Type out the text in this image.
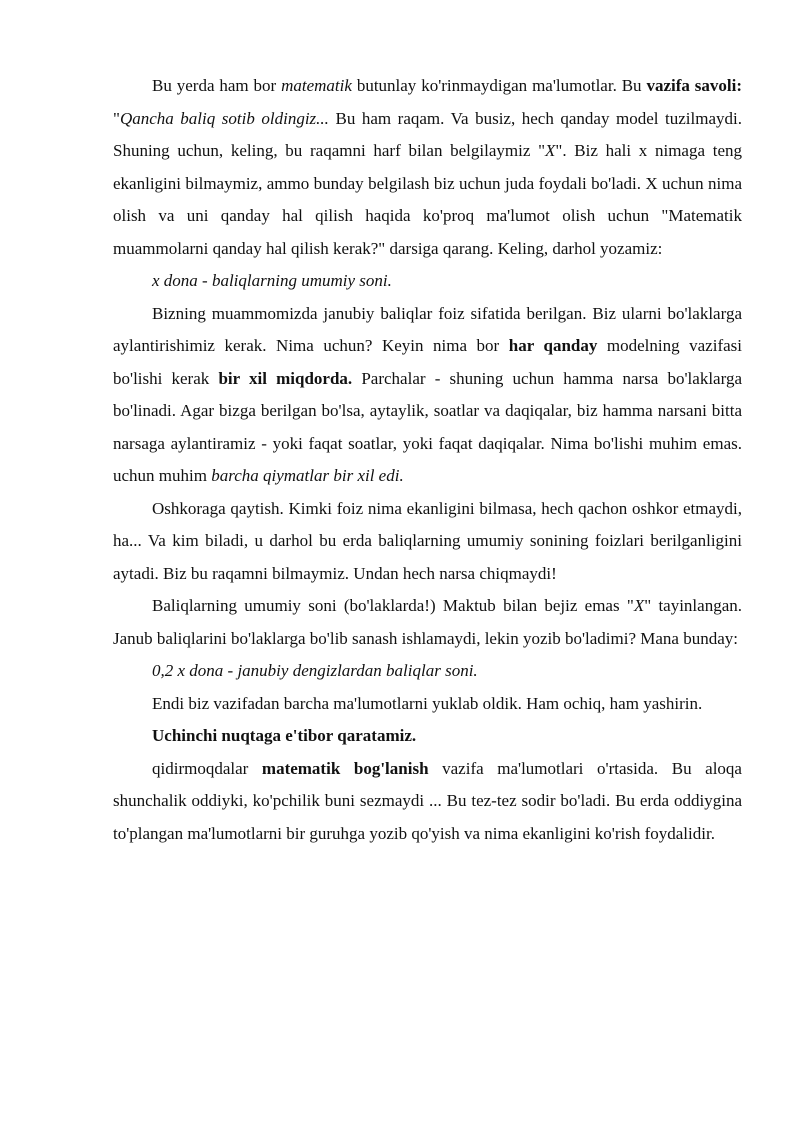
Bu yerda ham bor matematik butunlay ko'rinmaydigan ma'lumotlar. Bu vazifa savoli: "Qancha baliq sotib oldingiz... Bu ham raqam. Va busiz, hech qanday model tuzilmaydi. Shuning uchun, keling, bu raqamni harf bilan belgilaymiz "X". Biz hali x nimaga teng ekanligini bilmaymiz, ammo bunday belgilash biz uchun juda foydali bo'ladi. X uchun nima olish va uni qanday hal qilish haqida ko'proq ma'lumot olish uchun "Matematik muammolarni qanday hal qilish kerak?" darsiga qarang. Keling, darhol yozamiz:

x dona - baliqlarning umumiy soni.

Bizning muammomizda janubiy baliqlar foiz sifatida berilgan. Biz ularni bo'laklarga aylantirishimiz kerak. Nima uchun? Keyin nima bor har qanday modelning vazifasi bo'lishi kerak bir xil miqdorda. Parchalar - shuning uchun hamma narsa bo'laklarga bo'linadi. Agar bizga berilgan bo'lsa, aytaylik, soatlar va daqiqalar, biz hamma narsani bitta narsaga aylantiramiz - yoki faqat soatlar, yoki faqat daqiqalar. Nima bo'lishi muhim emas. uchun muhim barcha qiymatlar bir xil edi.

Oshkoraga qaytish. Kimki foiz nima ekanligini bilmasa, hech qachon oshkor etmaydi, ha... Va kim biladi, u darhol bu erda baliqlarning umumiy sonining foizlari berilganligini aytadi. Biz bu raqamni bilmaymiz. Undan hech narsa chiqmaydi!

Baliqlarning umumiy soni (bo'laklarda!) Maktub bilan bejiz emas "X" tayinlangan. Janub baliqlarini bo'laklarga bo'lib sanash ishlamaydi, lekin yozib bo'ladimi? Mana bunday:

0,2 x dona - janubiy dengizlardan baliqlar soni.

Endi biz vazifadan barcha ma'lumotlarni yuklab oldik. Ham ochiq, ham yashirin.

Uchinchi nuqtaga e'tibor qaratamiz.

qidirmoqdalar matematik bog'lanish vazifa ma'lumotlari o'rtasida. Bu aloqa shunchalik oddiyki, ko'pchilik buni sezmaydi ... Bu tez-tez sodir bo'ladi. Bu erda oddiygina to'plangan ma'lumotlarni bir guruhga yozib qo'yish va nima ekanligini ko'rish foydalidir.
